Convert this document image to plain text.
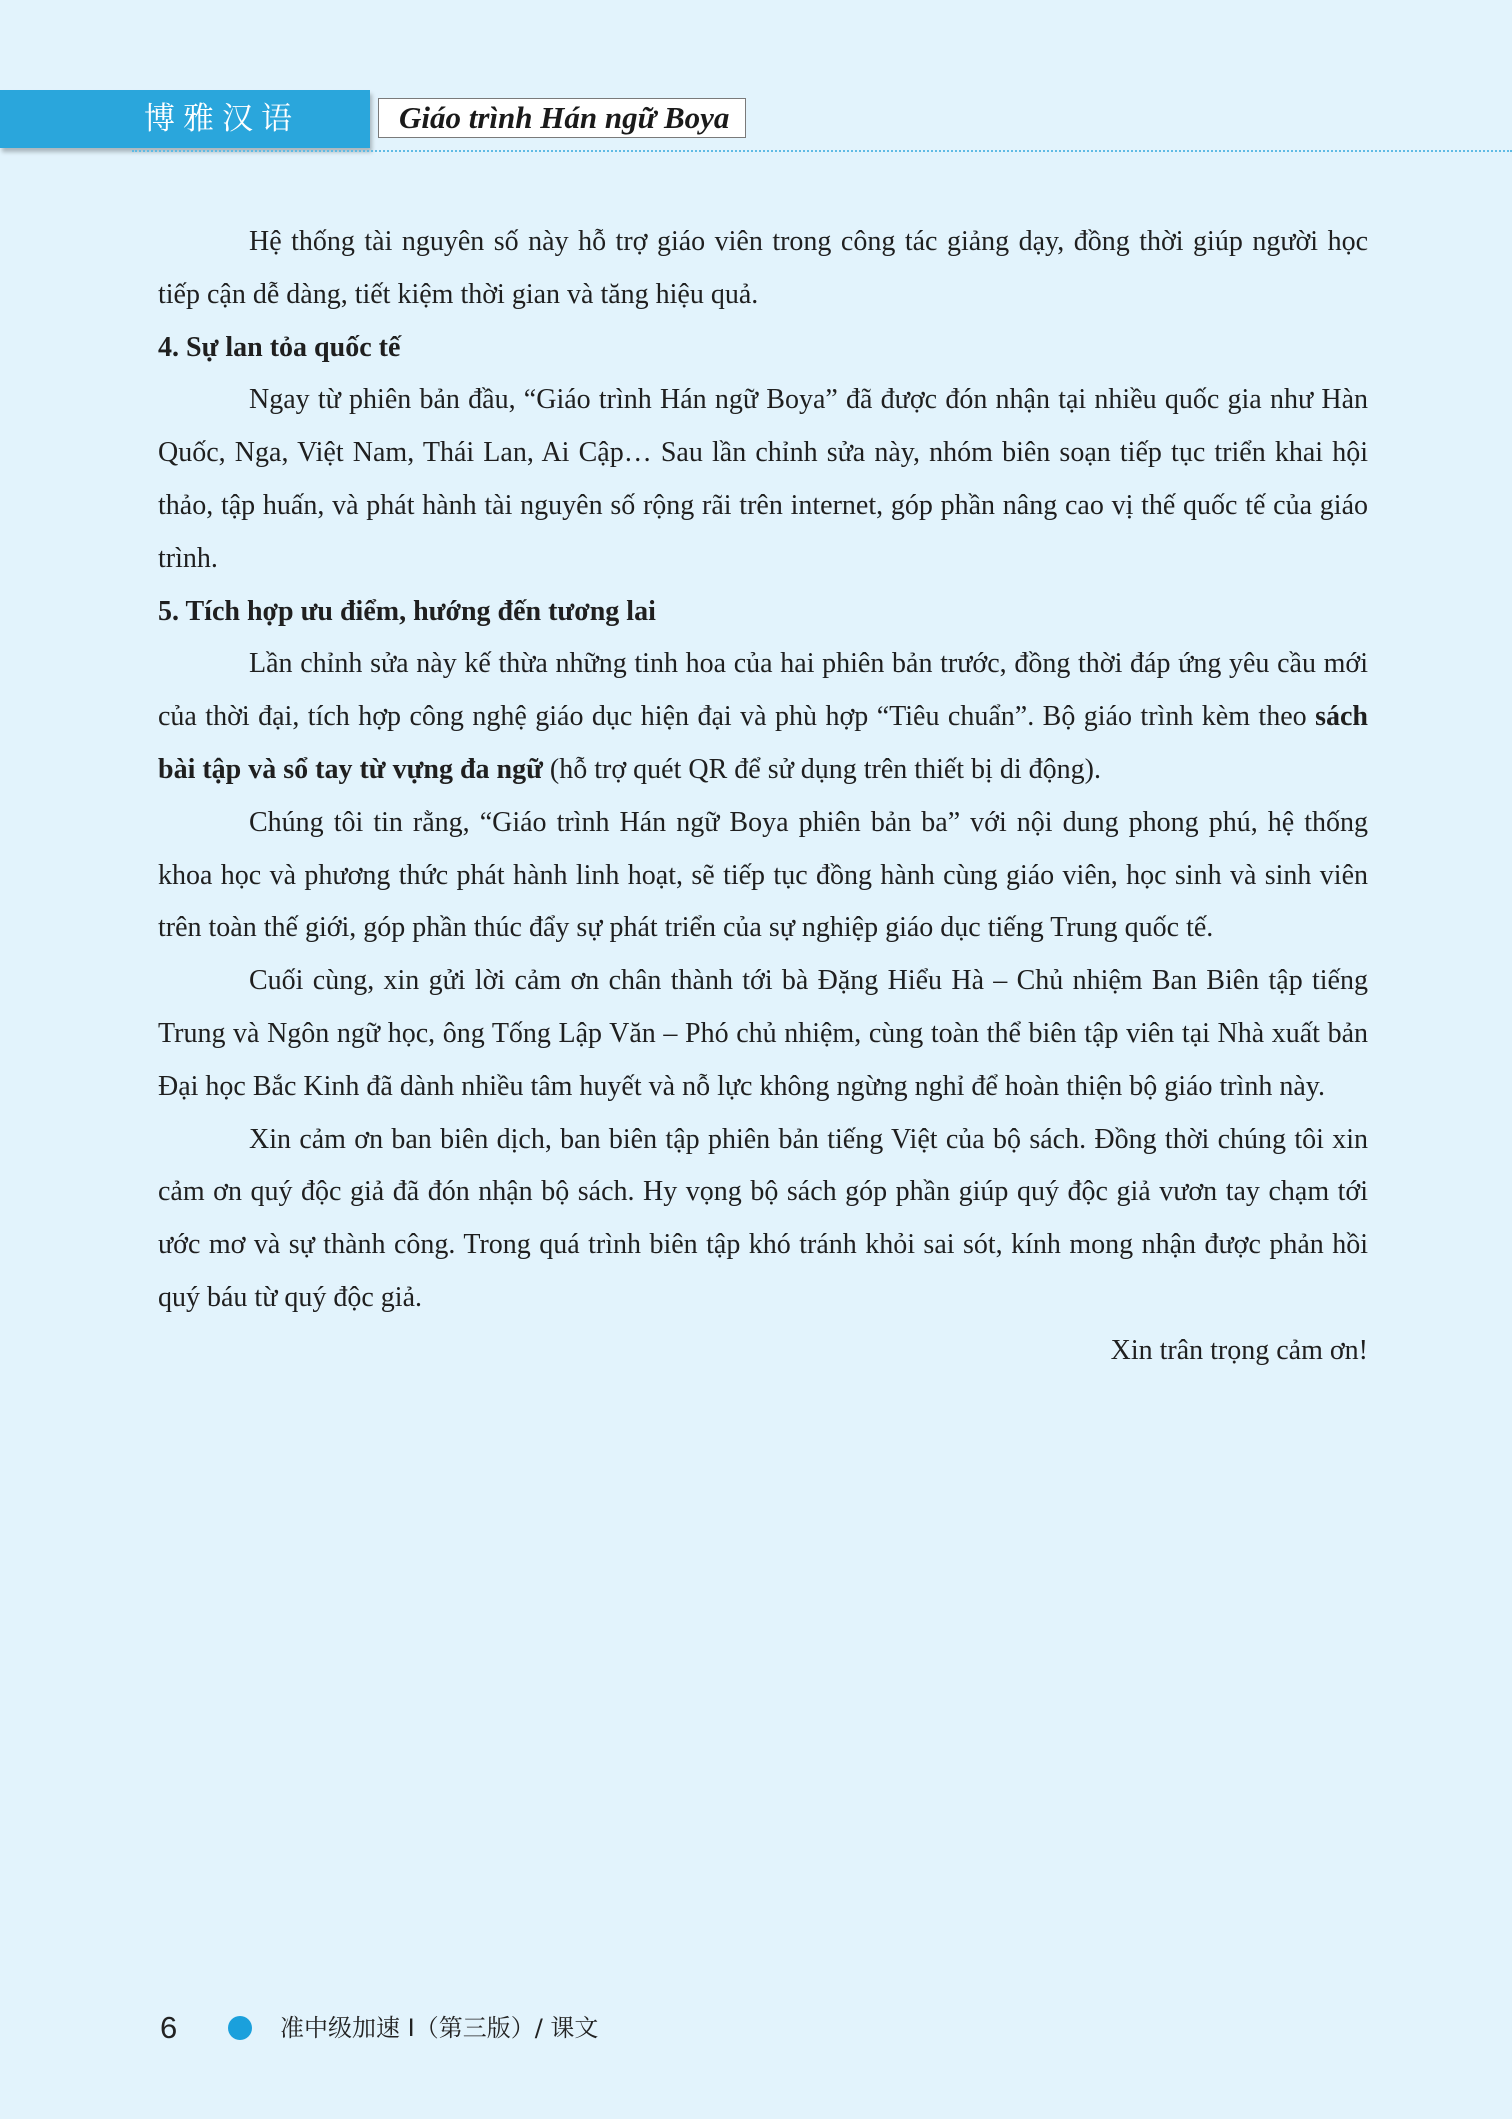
博雅汉语	Giáo trình Hán ngữ Boya

Hệ thống tài nguyên số này hỗ trợ giáo viên trong công tác giảng dạy, đồng thời giúp người học tiếp cận dễ dàng, tiết kiệm thời gian và tăng hiệu quả.

4. Sự lan tỏa quốc tế

Ngay từ phiên bản đầu, “Giáo trình Hán ngữ Boya” đã được đón nhận tại nhiều quốc gia như Hàn Quốc, Nga, Việt Nam, Thái Lan, Ai Cập… Sau lần chỉnh sửa này, nhóm biên soạn tiếp tục triển khai hội thảo, tập huấn, và phát hành tài nguyên số rộng rãi trên internet, góp phần nâng cao vị thế quốc tế của giáo trình.

5. Tích hợp ưu điểm, hướng đến tương lai

Lần chỉnh sửa này kế thừa những tinh hoa của hai phiên bản trước, đồng thời đáp ứng yêu cầu mới của thời đại, tích hợp công nghệ giáo dục hiện đại và phù hợp “Tiêu chuẩn”. Bộ giáo trình kèm theo sách bài tập và sổ tay từ vựng đa ngữ (hỗ trợ quét QR để sử dụng trên thiết bị di động).

Chúng tôi tin rằng, “Giáo trình Hán ngữ Boya phiên bản ba” với nội dung phong phú, hệ thống khoa học và phương thức phát hành linh hoạt, sẽ tiếp tục đồng hành cùng giáo viên, học sinh và sinh viên trên toàn thế giới, góp phần thúc đẩy sự phát triển của sự nghiệp giáo dục tiếng Trung quốc tế.

Cuối cùng, xin gửi lời cảm ơn chân thành tới bà Đặng Hiểu Hà – Chủ nhiệm Ban Biên tập tiếng Trung và Ngôn ngữ học, ông Tống Lập Văn – Phó chủ nhiệm, cùng toàn thể biên tập viên tại Nhà xuất bản Đại học Bắc Kinh đã dành nhiều tâm huyết và nỗ lực không ngừng nghỉ để hoàn thiện bộ giáo trình này.

Xin cảm ơn ban biên dịch, ban biên tập phiên bản tiếng Việt của bộ sách. Đồng thời chúng tôi xin cảm ơn quý độc giả đã đón nhận bộ sách. Hy vọng bộ sách góp phần giúp quý độc giả vươn tay chạm tới ước mơ và sự thành công. Trong quá trình biên tập khó tránh khỏi sai sót, kính mong nhận được phản hồi quý báu từ quý độc giả.

Xin trân trọng cảm ơn!

6	准中级加速 I（第三版）/ 课文
